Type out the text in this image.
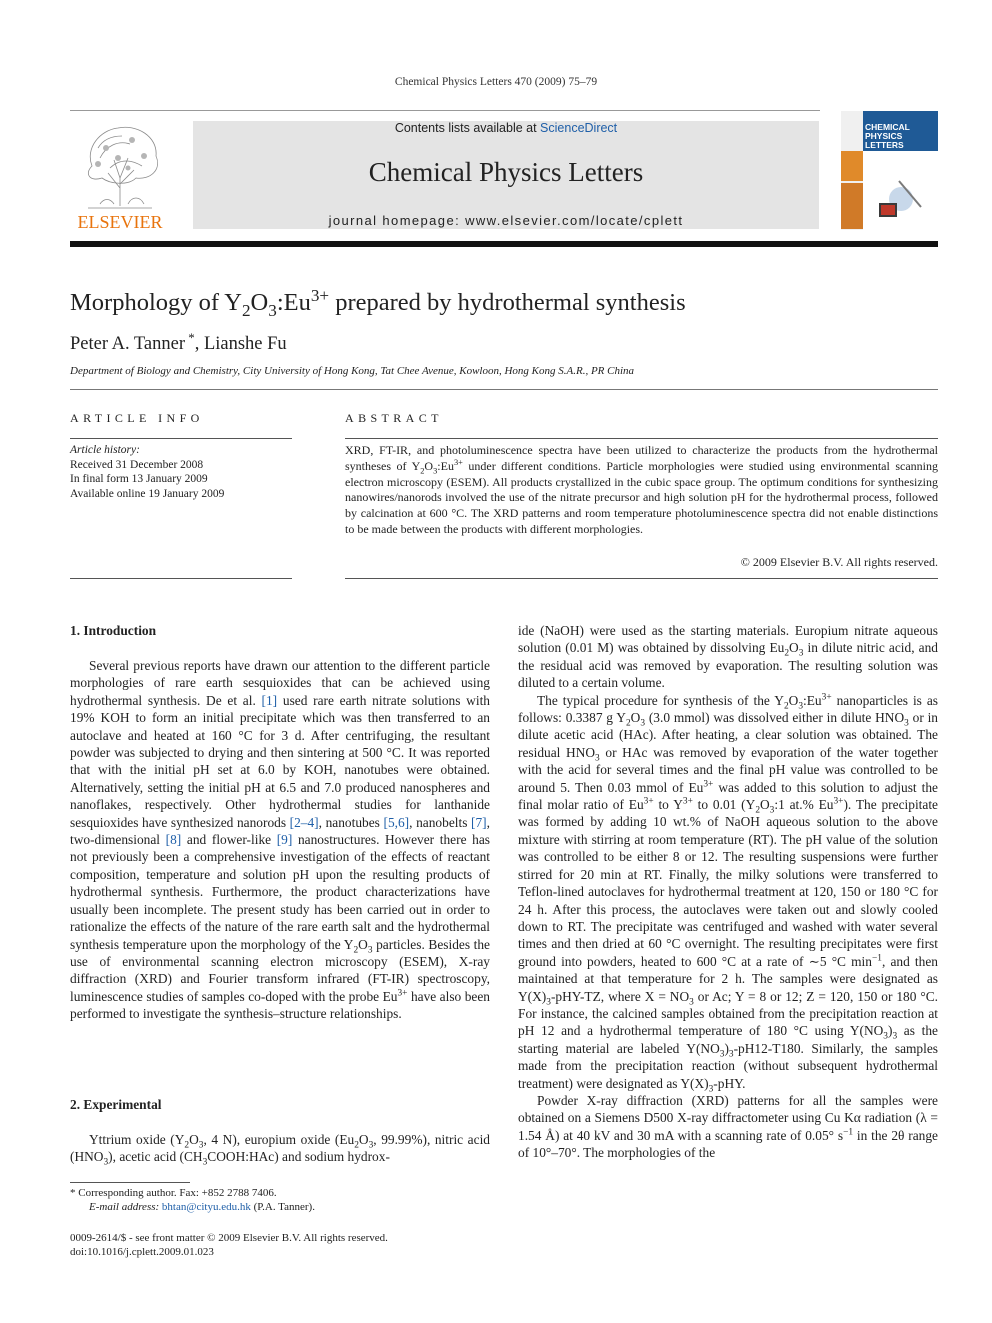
Chemical Physics Letters 470 (2009) 75–79
ELSEVIER
Contents lists available at ScienceDirect
Chemical Physics Letters
journal homepage: www.elsevier.com/locate/cplett
CHEMICAL
PHYSICS
LETTERS
Morphology of $Y_2O_3:Eu^{3+}$ prepared by hydrothermal synthesis
Peter A. Tanner *, Lianshe Fu
Department of Biology and Chemistry, City University of Hong Kong, Tat Chee Avenue, Kowloon, Hong Kong S.A.R., PR China
ARTICLE INFO
Article history:
Received 31 December 2008
In final form 13 January 2009
Available online 19 January 2009
ABSTRACT
XRD, FT-IR, and photoluminescence spectra have been utilized to characterize the products from the hydrothermal syntheses of $Y_2O_3:Eu^{3+}$ under different conditions. Particle morphologies were studied using environmental scanning electron microscopy (ESEM). All products crystallized in the cubic space group. The optimum conditions for synthesizing nanowires/nanorods involved the use of the nitrate precursor and high solution pH for the hydrothermal process, followed by calcination at 600 °C. The XRD patterns and room temperature photoluminescence spectra did not enable distinctions to be made between the products with different morphologies.
© 2009 Elsevier B.V. All rights reserved.
1. Introduction

Several previous reports have drawn our attention to the different particle morphologies of rare earth sesquioxides that can be achieved using hydrothermal synthesis. De et al. [1] used rare earth nitrate solutions with 19% KOH to form an initial precipitate which was then transferred to an autoclave and heated at 160 °C for 3 d. After centrifuging, the resultant powder was subjected to drying and then sintering at 500 °C. It was reported that with the initial pH set at 6.0 by KOH, nanotubes were obtained. Alternatively, setting the initial pH at 6.5 and 7.0 produced nanospheres and nanoflakes, respectively. Other hydrothermal studies for lanthanide sesquioxides have synthesized nanorods [2–4], nanotubes [5,6], nanobelts [7], two-dimensional [8] and flower-like [9] nanostructures. However there has not previously been a comprehensive investigation of the effects of reactant composition, temperature and solution pH upon the resulting products of hydrothermal synthesis. Furthermore, the product characterizations have usually been incomplete. The present study has been carried out in order to rationalize the effects of the nature of the rare earth salt and the hydrothermal synthesis temperature upon the morphology of the $Y_2O_3$ particles. Besides the use of environmental scanning electron microscopy (ESEM), X-ray diffraction (XRD) and Fourier transform infrared (FT-IR) spectroscopy, luminescence studies of samples co-doped with the probe $Eu^{3+}$ have also been performed to investigate the synthesis–structure relationships.

2. Experimental

Yttrium oxide ($Y_2O_3$, 4 N), europium oxide ($Eu_2O_3$, 99.99%), nitric acid $(HNO_3)$, acetic acid $(CH_3COOH:HAc)$ and sodium hydrox-

* Corresponding author. Fax: +852 2788 7406.
E-mail address: bhtan@cityu.edu.hk (P.A. Tanner).
0009-2614/$ - see front matter © 2009 Elsevier B.V. All rights reserved.
doi:10.1016/j.cplett.2009.01.023

ide (NaOH) were used as the starting materials. Europium nitrate aqueous solution (0.01 M) was obtained by dissolving $Eu_2O_3$ in dilute nitric acid, and the residual acid was removed by evaporation. The resulting solution was diluted to a certain volume.

The typical procedure for synthesis of the $Y_2O_3:Eu^{3+}$ nanoparticles is as follows: 0.3387 g $Y_2O_3$ (3.0 mmol) was dissolved either in dilute $HNO_3$ or in dilute acetic acid (HAc). After heating, a clear solution was obtained. The residual $HNO_3$ or HAc was removed by evaporation of the water together with the acid for several times and the final pH value was controlled to be around 5. Then 0.03 mmol of $Eu^{3+}$ was added to this solution to adjust the final molar ratio of $Eu^{3+}$ to $Y^{3+}$ to 0.01 ($Y_2O_3:1$ at.% $Eu^{3+}$). The precipitate was formed by adding 10 wt.% of NaOH aqueous solution to the above mixture with stirring at room temperature (RT). The pH value of the solution was controlled to be either 8 or 12. The resulting suspensions were further stirred for 20 min at RT. Finally, the milky solutions were transferred to Teflon-lined autoclaves for hydrothermal treatment at 120, 150 or 180 °C for 24 h. After this process, the autoclaves were taken out and slowly cooled down to RT. The precipitate was centrifuged and washed with water several times and then dried at 60 °C overnight. The resulting precipitates were first ground into powders, heated to 600 °C at a rate of ∼5 °C $\min^{-1}$, and then maintained at that temperature for 2 h. The samples were designated as $Y(X)_3-pHY-TZ$, where $X = NO_3$ or Ac; Y = 8 or 12; Z = 120, 150 or 180 °C. For instance, the calcined samples obtained from the precipitation reaction at pH 12 and a hydrothermal temperature of 180 °C using $Y(NO_3)_3$ as the starting material are labeled $Y(NO_3)_3-pH12-T180$. Similarly, the samples made from the precipitation reaction (without subsequent hydrothermal treatment) were designated as $Y(X)_3$-pHY.

Powder X-ray diffraction (XRD) patterns for all the samples were obtained on a Siemens D500 X-ray diffractometer using Cu Kα radiation (λ = 1.54 Å) at 40 kV and 30 mA with a scanning rate of 0.05° $s^{-1}$ in the 2θ range of 10°–70°. The morphologies of the
